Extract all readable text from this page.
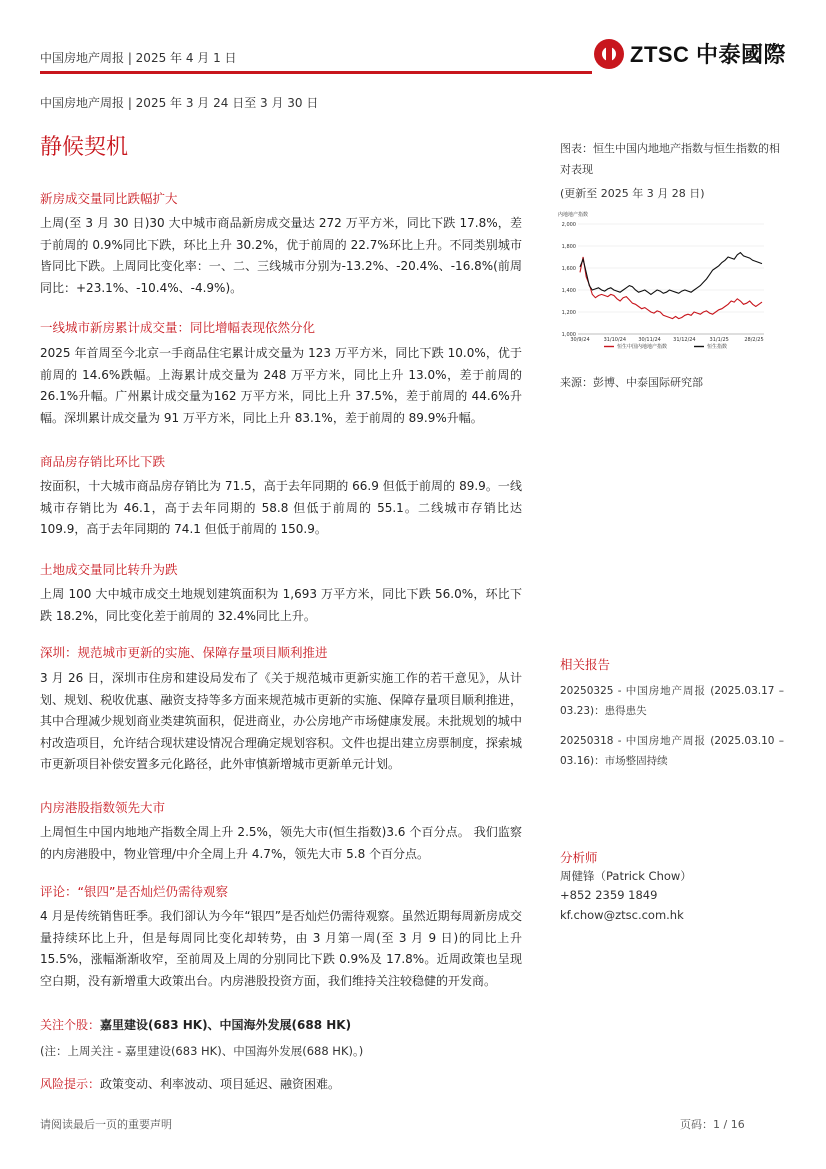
中国房地产周报 | 2025 年 4 月 1 日	ZTSC 中泰國際
中国房地产周报 | 2025 年 3 月 24 日至 3 月 30 日
静候契机
新房成交量同比跌幅扩大
上周(至 3 月 30 日)30 大中城市商品新房成交量达 272 万平方米，同比下跌 17.8%，差于前周的 0.9%同比下跌，环比上升 30.2%，优于前周的 22.7%环比上升。不同类别城市皆同比下跌。上周同比变化率：一、二、三线城市分别为-13.2%、-20.4%、-16.8%(前周同比：+23.1%、-10.4%、-4.9%)。
一线城市新房累计成交量：同比增幅表现依然分化
2025 年首周至今北京一手商品住宅累计成交量为 123 万平方米，同比下跌 10.0%，优于前周的 14.6%跌幅。上海累计成交量为 248 万平方米，同比上升 13.0%，差于前周的 26.1%升幅。广州累计成交量为162 万平方米，同比上升 37.5%，差于前周的 44.6%升幅。深圳累计成交量为 91 万平方米，同比上升 83.1%，差于前周的 89.9%升幅。
商品房存销比环比下跌
按面积，十大城市商品房存销比为 71.5，高于去年同期的 66.9 但低于前周的 89.9。一线城市存销比为 46.1，高于去年同期的 58.8 但低于前周的 55.1。二线城市存销比达 109.9，高于去年同期的 74.1 但低于前周的 150.9。
土地成交量同比转升为跌
上周 100 大中城市成交土地规划建筑面积为 1,693 万平方米，同比下跌 56.0%，环比下跌 18.2%，同比变化差于前周的 32.4%同比上升。
深圳：规范城市更新的实施、保障存量项目顺利推进
3 月 26 日，深圳市住房和建设局发布了《关于规范城市更新实施工作的若干意见》，从计划、规划、税收优惠、融资支持等多方面来规范城市更新的实施、保障存量项目顺利推进，其中合理减少规划商业类建筑面积，促进商业，办公房地产市场健康发展。未批规划的城中村改造项目，允许结合现状建设情况合理确定规划容积。文件也提出建立房票制度，探索城市更新项目补偿安置多元化路径，此外审慎新增城市更新单元计划。
内房港股指数领先大市
上周恒生中国内地地产指数全周上升 2.5%，领先大市(恒生指数)3.6 个百分点。 我们监察的内房港股中，物业管理/中介全周上升 4.7%，领先大市 5.8 个百分点。
评论：“银四”是否灿烂仍需待观察
4 月是传统销售旺季。我们卻认为今年“银四”是否灿烂仍需待观察。虽然近期每周新房成交量持续环比上升，但是每周同比变化却转势，由 3 月第一周(至 3 月 9 日)的同比上升 15.5%，涨幅渐渐收窄，至前周及上周的分别同比下跌 0.9%及 17.8%。近周政策也呈现空白期，没有新增重大政策出台。内房港股投资方面，我们维持关注较稳健的开发商。
关注个股：嘉里建设(683 HK)、中国海外发展(688 HK)
(注：上周关注 - 嘉里建设(683 HK)、中国海外发展(688 HK)。)
风险提示：政策变动、利率波动、项目延迟、融资困难。
图表：恒生中国内地地产指数与恒生指数的相对表现
(更新至 2025 年 3 月 28 日)
内地地产指数
1,000
1,200
1,400
1,600
1,800
2,000
30/9/24	31/10/24 30/11/24 31/12/24	31/1/25	28/2/25
恒生中国内地地产指数	恒生指数
来源：彭博、中泰国际研究部
相关报告
20250325 - 中国房地产周报 (2025.03.17 –
03.23)：患得患失
20250318 - 中国房地产周报 (2025.03.10 –
03.16)：市场整固持续
分析师
周健锋（Patrick Chow）
+852 2359 1849
kf.chow@ztsc.com.hk
请阅读最后一页的重要声明	页码：1 / 16
